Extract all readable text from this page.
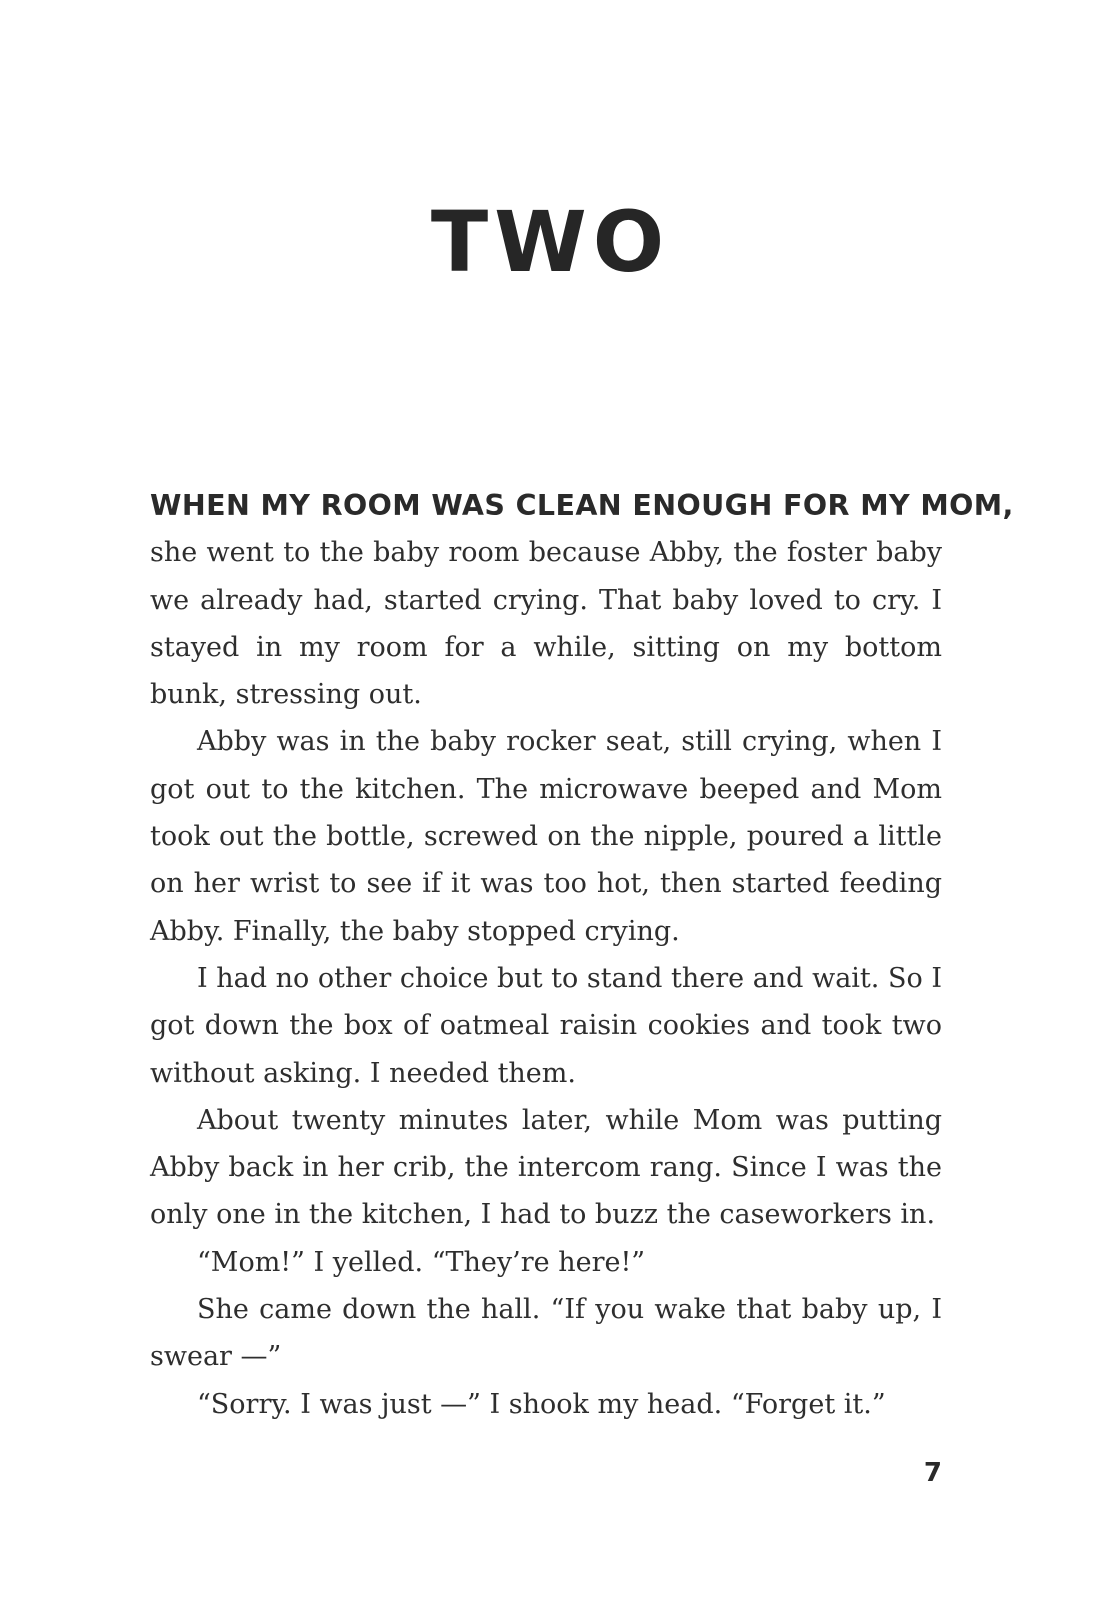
TWO
WHEN MY ROOM WAS CLEAN ENOUGH FOR MY MOM,

she went to the baby room because Abby, the foster baby we already had, started crying. That baby loved to cry. I stayed in my room for a while, sitting on my bottom bunk, stressing out.

Abby was in the baby rocker seat, still crying, when I got out to the kitchen. The microwave beeped and Mom took out the bottle, screwed on the nipple, poured a little on her wrist to see if it was too hot, then started feeding Abby. Finally, the baby stopped crying.

I had no other choice but to stand there and wait. So I got down the box of oatmeal raisin cookies and took two without asking. I needed them.

About twenty minutes later, while Mom was putting Abby back in her crib, the intercom rang. Since I was the only one in the kitchen, I had to buzz the caseworkers in.

“Mom!” I yelled. “They’re here!”

She came down the hall. “If you wake that baby up, I swear —”

“Sorry. I was just —” I shook my head. “Forget it.”

7
